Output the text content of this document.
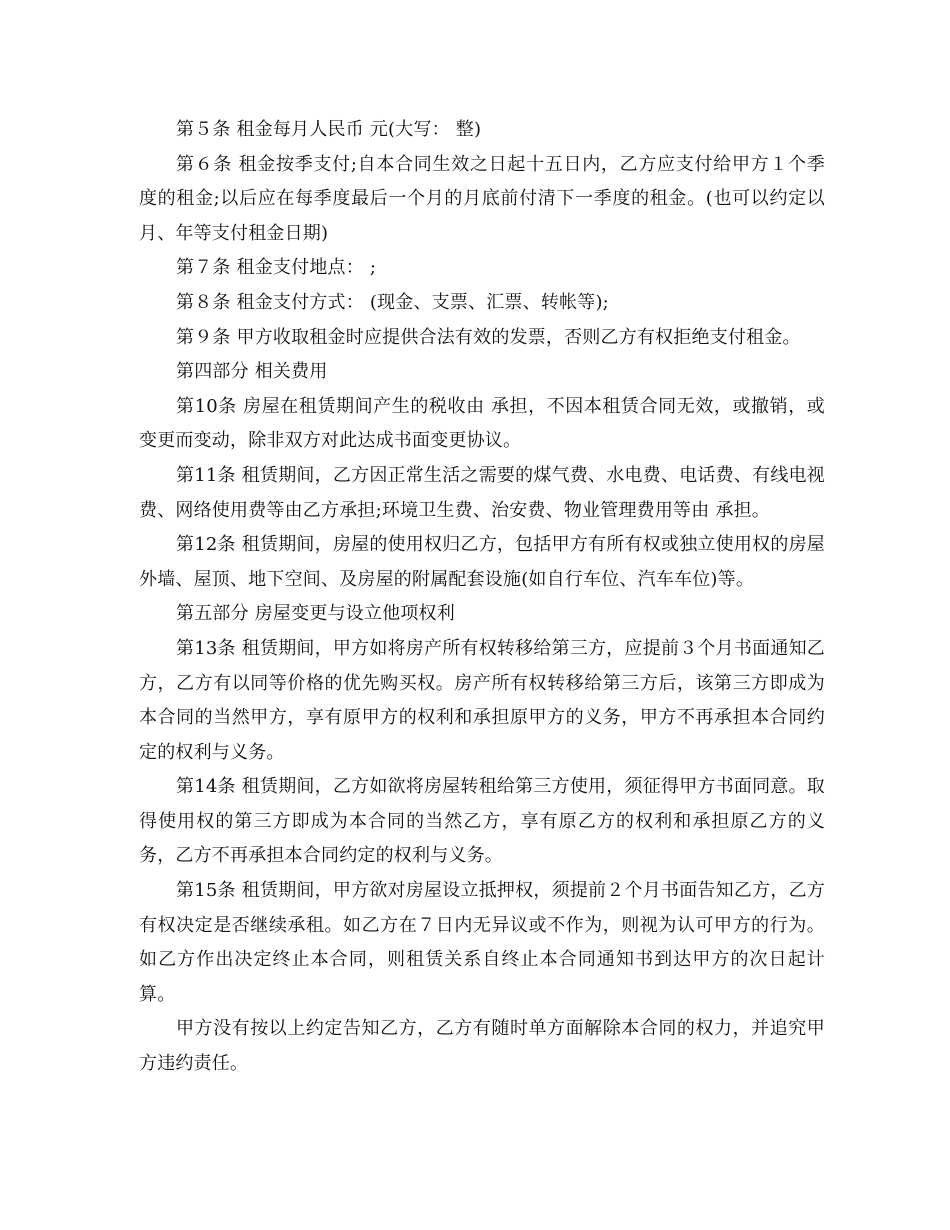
第５条 租金每月人民币 元(大写： 整)

第６条 租金按季支付;自本合同生效之日起十五日内，乙方应支付给甲方１个季度的租金;以后应在每季度最后一个月的月底前付清下一季度的租金。(也可以约定以月、年等支付租金日期)

第７条 租金支付地点： ;

第８条 租金支付方式： (现金、支票、汇票、转帐等);

第９条 甲方收取租金时应提供合法有效的发票，否则乙方有权拒绝支付租金。

第四部分 相关费用

第10条 房屋在租赁期间产生的税收由 承担，不因本租赁合同无效，或撤销，或变更而变动，除非双方对此达成书面变更协议。

第11条 租赁期间，乙方因正常生活之需要的煤气费、水电费、电话费、有线电视费、网络使用费等由乙方承担;环境卫生费、治安费、物业管理费用等由 承担。

第12条 租赁期间，房屋的使用权归乙方，包括甲方有所有权或独立使用权的房屋外墙、屋顶、地下空间、及房屋的附属配套设施(如自行车位、汽车车位)等。

第五部分 房屋变更与设立他项权利

第13条 租赁期间，甲方如将房产所有权转移给第三方，应提前３个月书面通知乙方，乙方有以同等价格的优先购买权。房产所有权转移给第三方后，该第三方即成为本合同的当然甲方，享有原甲方的权利和承担原甲方的义务，甲方不再承担本合同约定的权利与义务。

第14条 租赁期间，乙方如欲将房屋转租给第三方使用，须征得甲方书面同意。取得使用权的第三方即成为本合同的当然乙方，享有原乙方的权利和承担原乙方的义务，乙方不再承担本合同约定的权利与义务。

第15条 租赁期间，甲方欲对房屋设立抵押权，须提前２个月书面告知乙方，乙方有权决定是否继续承租。如乙方在７日内无异议或不作为，则视为认可甲方的行为。如乙方作出决定终止本合同，则租赁关系自终止本合同通知书到达甲方的次日起计算。

甲方没有按以上约定告知乙方，乙方有随时单方面解除本合同的权力，并追究甲方违约责任。
